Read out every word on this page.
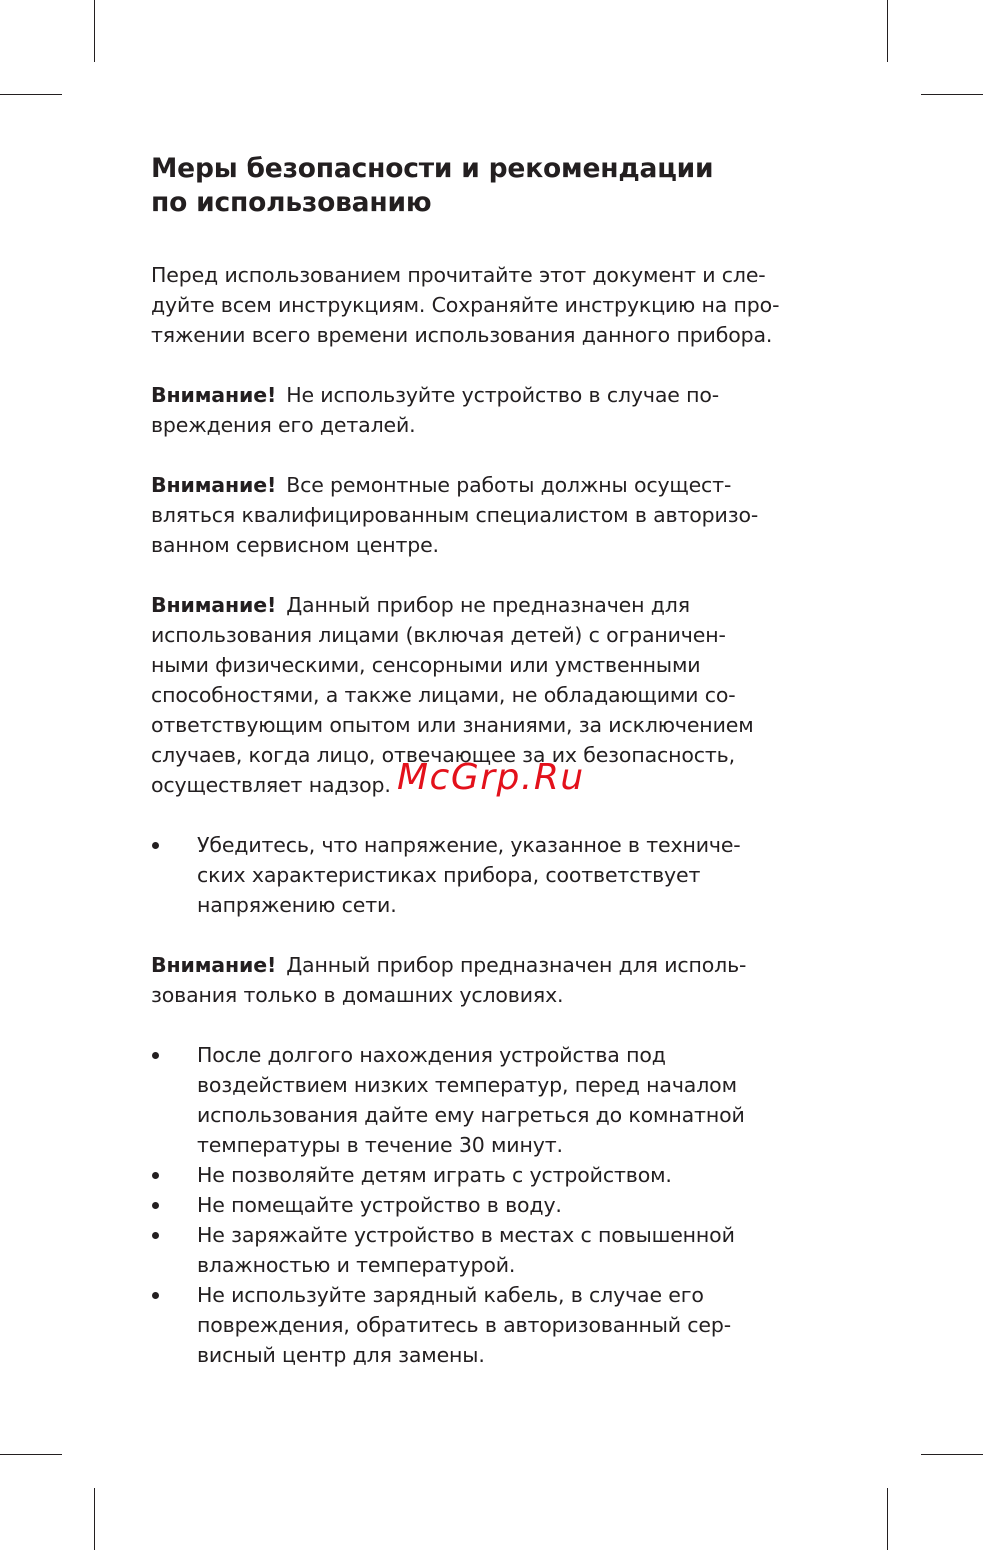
Меры безопасности и рекомендации
по использованию

Перед использованием прочитайте этот документ и сле-
дуйте всем инструкциям. Сохраняйте инструкцию на про-
тяжении всего времени использования данного прибора.

Внимание! Не используйте устройство в случае по-
вреждения его деталей.

Внимание! Все ремонтные работы должны осущест-
вляться квалифицированным специалистом в авторизо-
ванном сервисном центре.

Внимание! Данный прибор не предназначен для
использования лицами (включая детей) с ограничен-
ными физическими, сенсорными или умственными
способностями, а также лицами, не обладающими со-
ответствующим опытом или знаниями, за исключением
случаев, когда лицо, отвечающее за их безопасность,
осуществляет надзор.

Убедитесь, что напряжение, указанное в техниче-
ских характеристиках прибора, соответствует
напряжению сети.

Внимание! Данный прибор предназначен для исполь-
зования только в домашних условиях.

После долгого нахождения устройства под
воздействием низких температур, перед началом
использования дайте ему нагреться до комнатной
температуры в течение 30 минут.
Не позволяйте детям играть с устройством.
Не помещайте устройство в воду.
Не заряжайте устройство в местах с повышенной
влажностью и температурой.
Не используйте зарядный кабель, в случае его
повреждения, обратитесь в авторизованный сер-
висный центр для замены.
McGrp.Ru
